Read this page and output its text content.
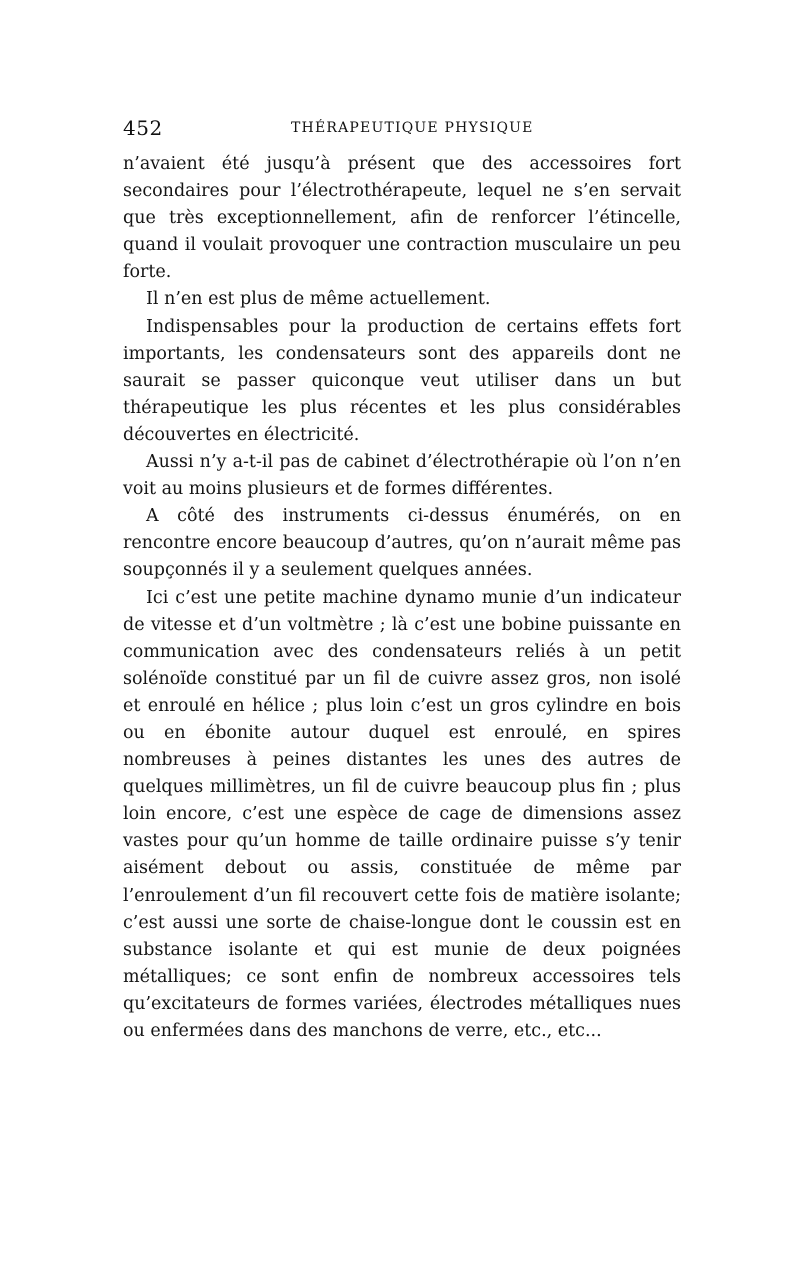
452	THÉRAPEUTIQUE PHYSIQUE

n’avaient été jusqu’à présent que des accessoires fort secondaires pour l’électrothérapeute, lequel ne s’en servait que très exceptionnellement, afin de renforcer l’étincelle, quand il voulait provoquer une contraction musculaire un peu forte.

Il n’en est plus de même actuellement.

Indispensables pour la production de certains effets fort importants, les condensateurs sont des appareils dont ne saurait se passer quiconque veut utiliser dans un but thérapeutique les plus récentes et les plus considérables découvertes en électricité.

Aussi n’y a-t-il pas de cabinet d’électrothérapie où l’on n’en voit au moins plusieurs et de formes différentes.

A côté des instruments ci-dessus énumérés, on en rencontre encore beaucoup d’autres, qu’on n’aurait même pas soupçonnés il y a seulement quelques années.

Ici c’est une petite machine dynamo munie d’un indicateur de vitesse et d’un voltmètre ; là c’est une bobine puissante en communication avec des condensateurs reliés à un petit solénoïde constitué par un fil de cuivre assez gros, non isolé et enroulé en hélice ; plus loin c’est un gros cylindre en bois ou en ébonite autour duquel est enroulé, en spires nombreuses à peines distantes les unes des autres de quelques millimètres, un fil de cuivre beaucoup plus fin ; plus loin encore, c’est une espèce de cage de dimensions assez vastes pour qu’un homme de taille ordinaire puisse s’y tenir aisément debout ou assis, constituée de même par l’enroulement d’un fil recouvert cette fois de matière isolante; c’est aussi une sorte de chaise-longue dont le coussin est en substance isolante et qui est munie de deux poignées métalliques; ce sont enfin de nombreux accessoires tels qu’excitateurs de formes variées, électrodes métalliques nues ou enfermées dans des manchons de verre, etc., etc...
